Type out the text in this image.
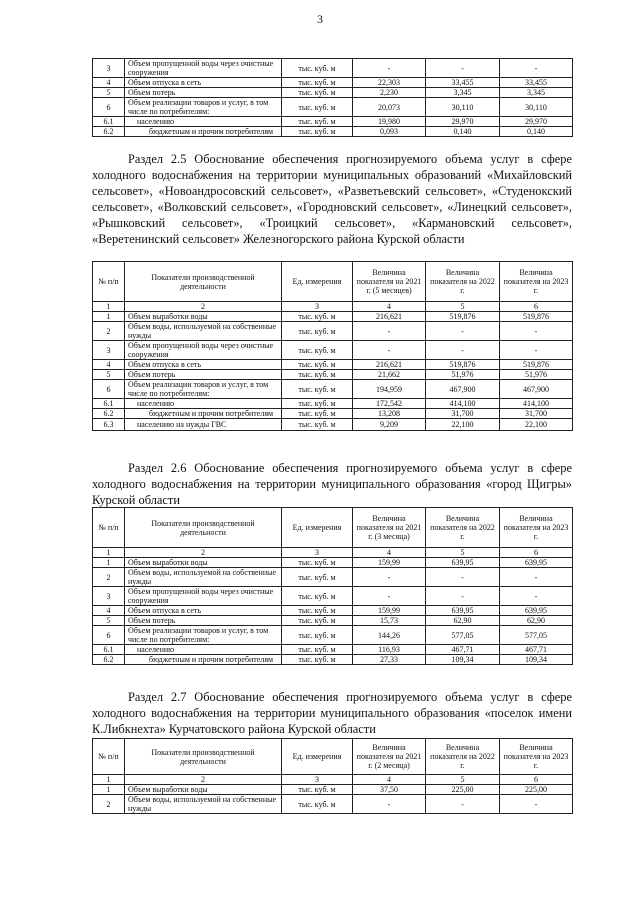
3
3	Объем пропущенной воды через очистные сооружения	тыс. куб. м	-	-	-
4	Объем отпуска в сеть	тыс. куб. м	22,303	33,455	33,455
5	Объем потерь	тыс. куб. м	2,230	3,345	3,345
6	Объем реализации товаров и услуг, в том числе по потребителям:	тыс. куб. м	20,073	30,110	30,110
6.1	населению	тыс. куб. м	19,980	29,970	29,970
6.2	бюджетным и прочим потребителям	тыс. куб. м	0,093	0,140	0,140

Раздел 2.5 Обоснование обеспечения прогнозируемого объема услуг в сфере холодного водоснабжения на территории муниципальных образований «Михайловский сельсовет», «Новоандросовский сельсовет», «Разветьевский сельсовет», «Студенокский сельсовет», «Волковский сельсовет», «Городновский сельсовет», «Линецкий сельсовет», «Рышковский сельсовет», «Троицкий сельсовет», «Кармановский сельсовет», «Веретенинский сельсовет» Железногорского района Курской области

№ п/п	Показатели производственной деятельности	Ед. измерения	Величина показателя на 2021 г. (5 месяцев)	Величина показателя на 2022 г.	Величина показателя на 2023 г.
1	2	3	4	5	6
1	Объем выработки воды	тыс. куб. м	216,621	519,876	519,876
2	Объем воды, используемой на собственные нужды	тыс. куб. м	-	-	-
3	Объем пропущенной воды через очистные сооружения	тыс. куб. м	-	-	-
4	Объем отпуска в сеть	тыс. куб. м	216,621	519,876	519,876
5	Объем потерь	тыс. куб. м	21,662	51,976	51,976
6	Объем реализации товаров и услуг, в том числе по потребителям:	тыс. куб. м	194,959	467,900	467,900
6.1	населению	тыс. куб. м	172,542	414,100	414,100
6.2	бюджетным и прочим потребителям	тыс. куб. м	13,208	31,700	31,700
6.3	населению на нужды ГВС	тыс. куб. м	9,209	22,100	22,100

Раздел 2.6 Обоснование обеспечения прогнозируемого объема услуг в сфере холодного водоснабжения на территории муниципального образования «город Щигры» Курской области

№ п/п	Показатели производственной деятельности	Ед. измерения	Величина показателя на 2021 г. (3 месяца)	Величина показателя на 2022 г.	Величина показателя на 2023 г.
1	2	3	4	5	6
1	Объем выработки воды	тыс. куб. м	159,99	639,95	639,95
2	Объем воды, используемой на собственные нужды	тыс. куб. м	-	-	-
3	Объем пропущенной воды через очистные сооружения	тыс. куб. м	-	-	-
4	Объем отпуска в сеть	тыс. куб. м	159,99	639,95	639,95
5	Объем потерь	тыс. куб. м	15,73	62,90	62,90
6	Объем реализации товаров и услуг, в том числе по потребителям:	тыс. куб. м	144,26	577,05	577,05
6.1	населению	тыс. куб. м	116,93	467,71	467,71
6.2	бюджетным и прочим потребителям	тыс. куб. м	27,33	109,34	109,34

Раздел 2.7 Обоснование обеспечения прогнозируемого объема услуг в сфере холодного водоснабжения на территории муниципального образования «поселок имени К.Либкнехта» Курчатовского района Курской области

№ п/п	Показатели производственной деятельности	Ед. измерения	Величина показателя на 2021 г. (2 месяца)	Величина показателя на 2022 г.	Величина показателя на 2023 г.
1	2	3	4	5	6
1	Объем выработки воды	тыс. куб. м	37,50	225,00	225,00
2	Объем воды, используемой на собственные нужды	тыс. куб. м	-	-	-
